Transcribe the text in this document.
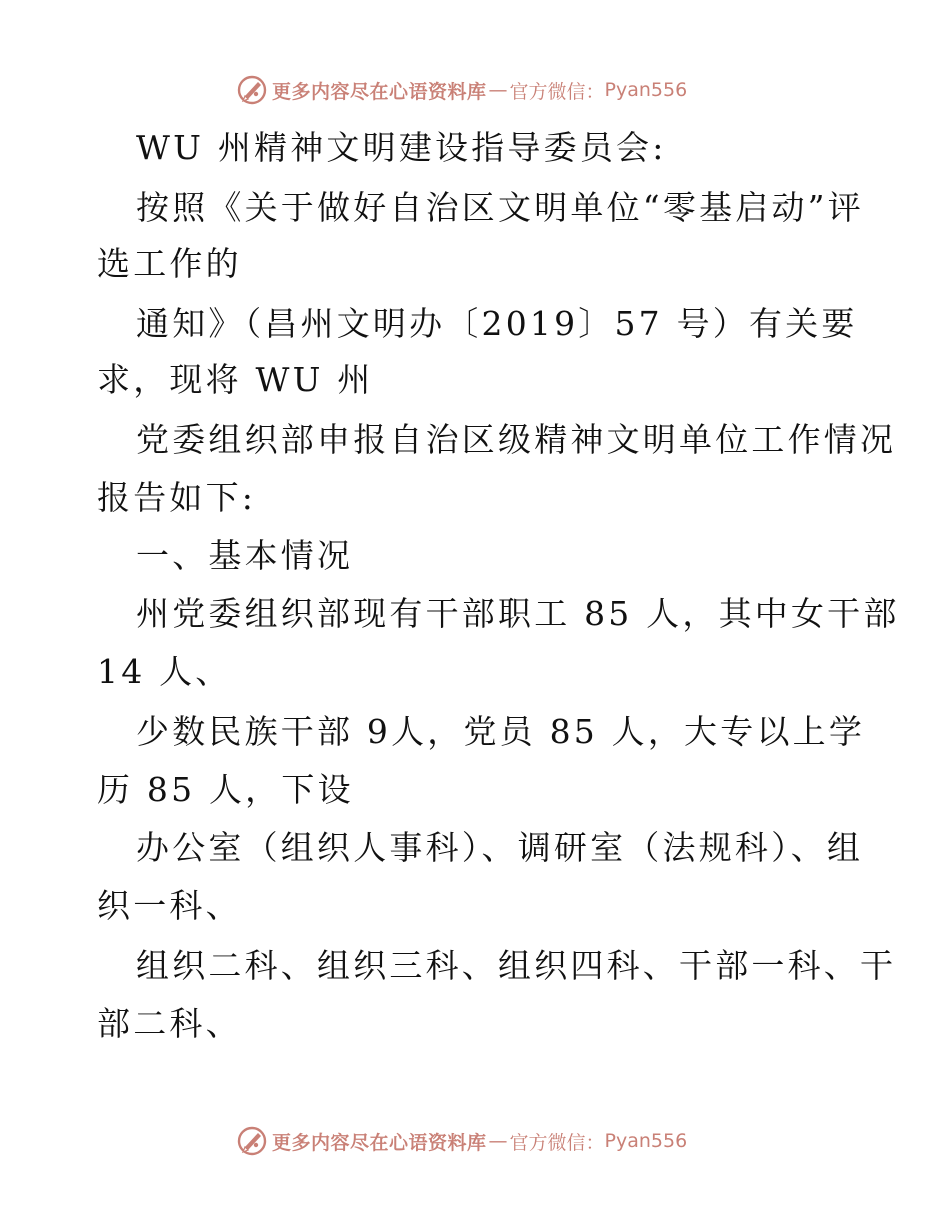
更多内容尽在心语资料库 — 官方微信： Pyan556
WU 州精神文明建设指导委员会:
按照《关于做好自治区文明单位“零基启动”评
选工作的
通知》（昌州文明办〔2019〕57 号）有关要
求，现将 WU 州
党委组织部申报自治区级精神文明单位工作情况
报告如下:
一、基本情况
州党委组织部现有干部职工 85 人，其中女干部
14 人、
少数民族干部 9人，党员 85 人，大专以上学
历 85 人，下设
办公室（组织人事科）、调研室（法规科）、组
织一科、
组织二科、组织三科、组织四科、干部一科、干
部二科、
更多内容尽在心语资料库 — 官方微信： Pyan556
